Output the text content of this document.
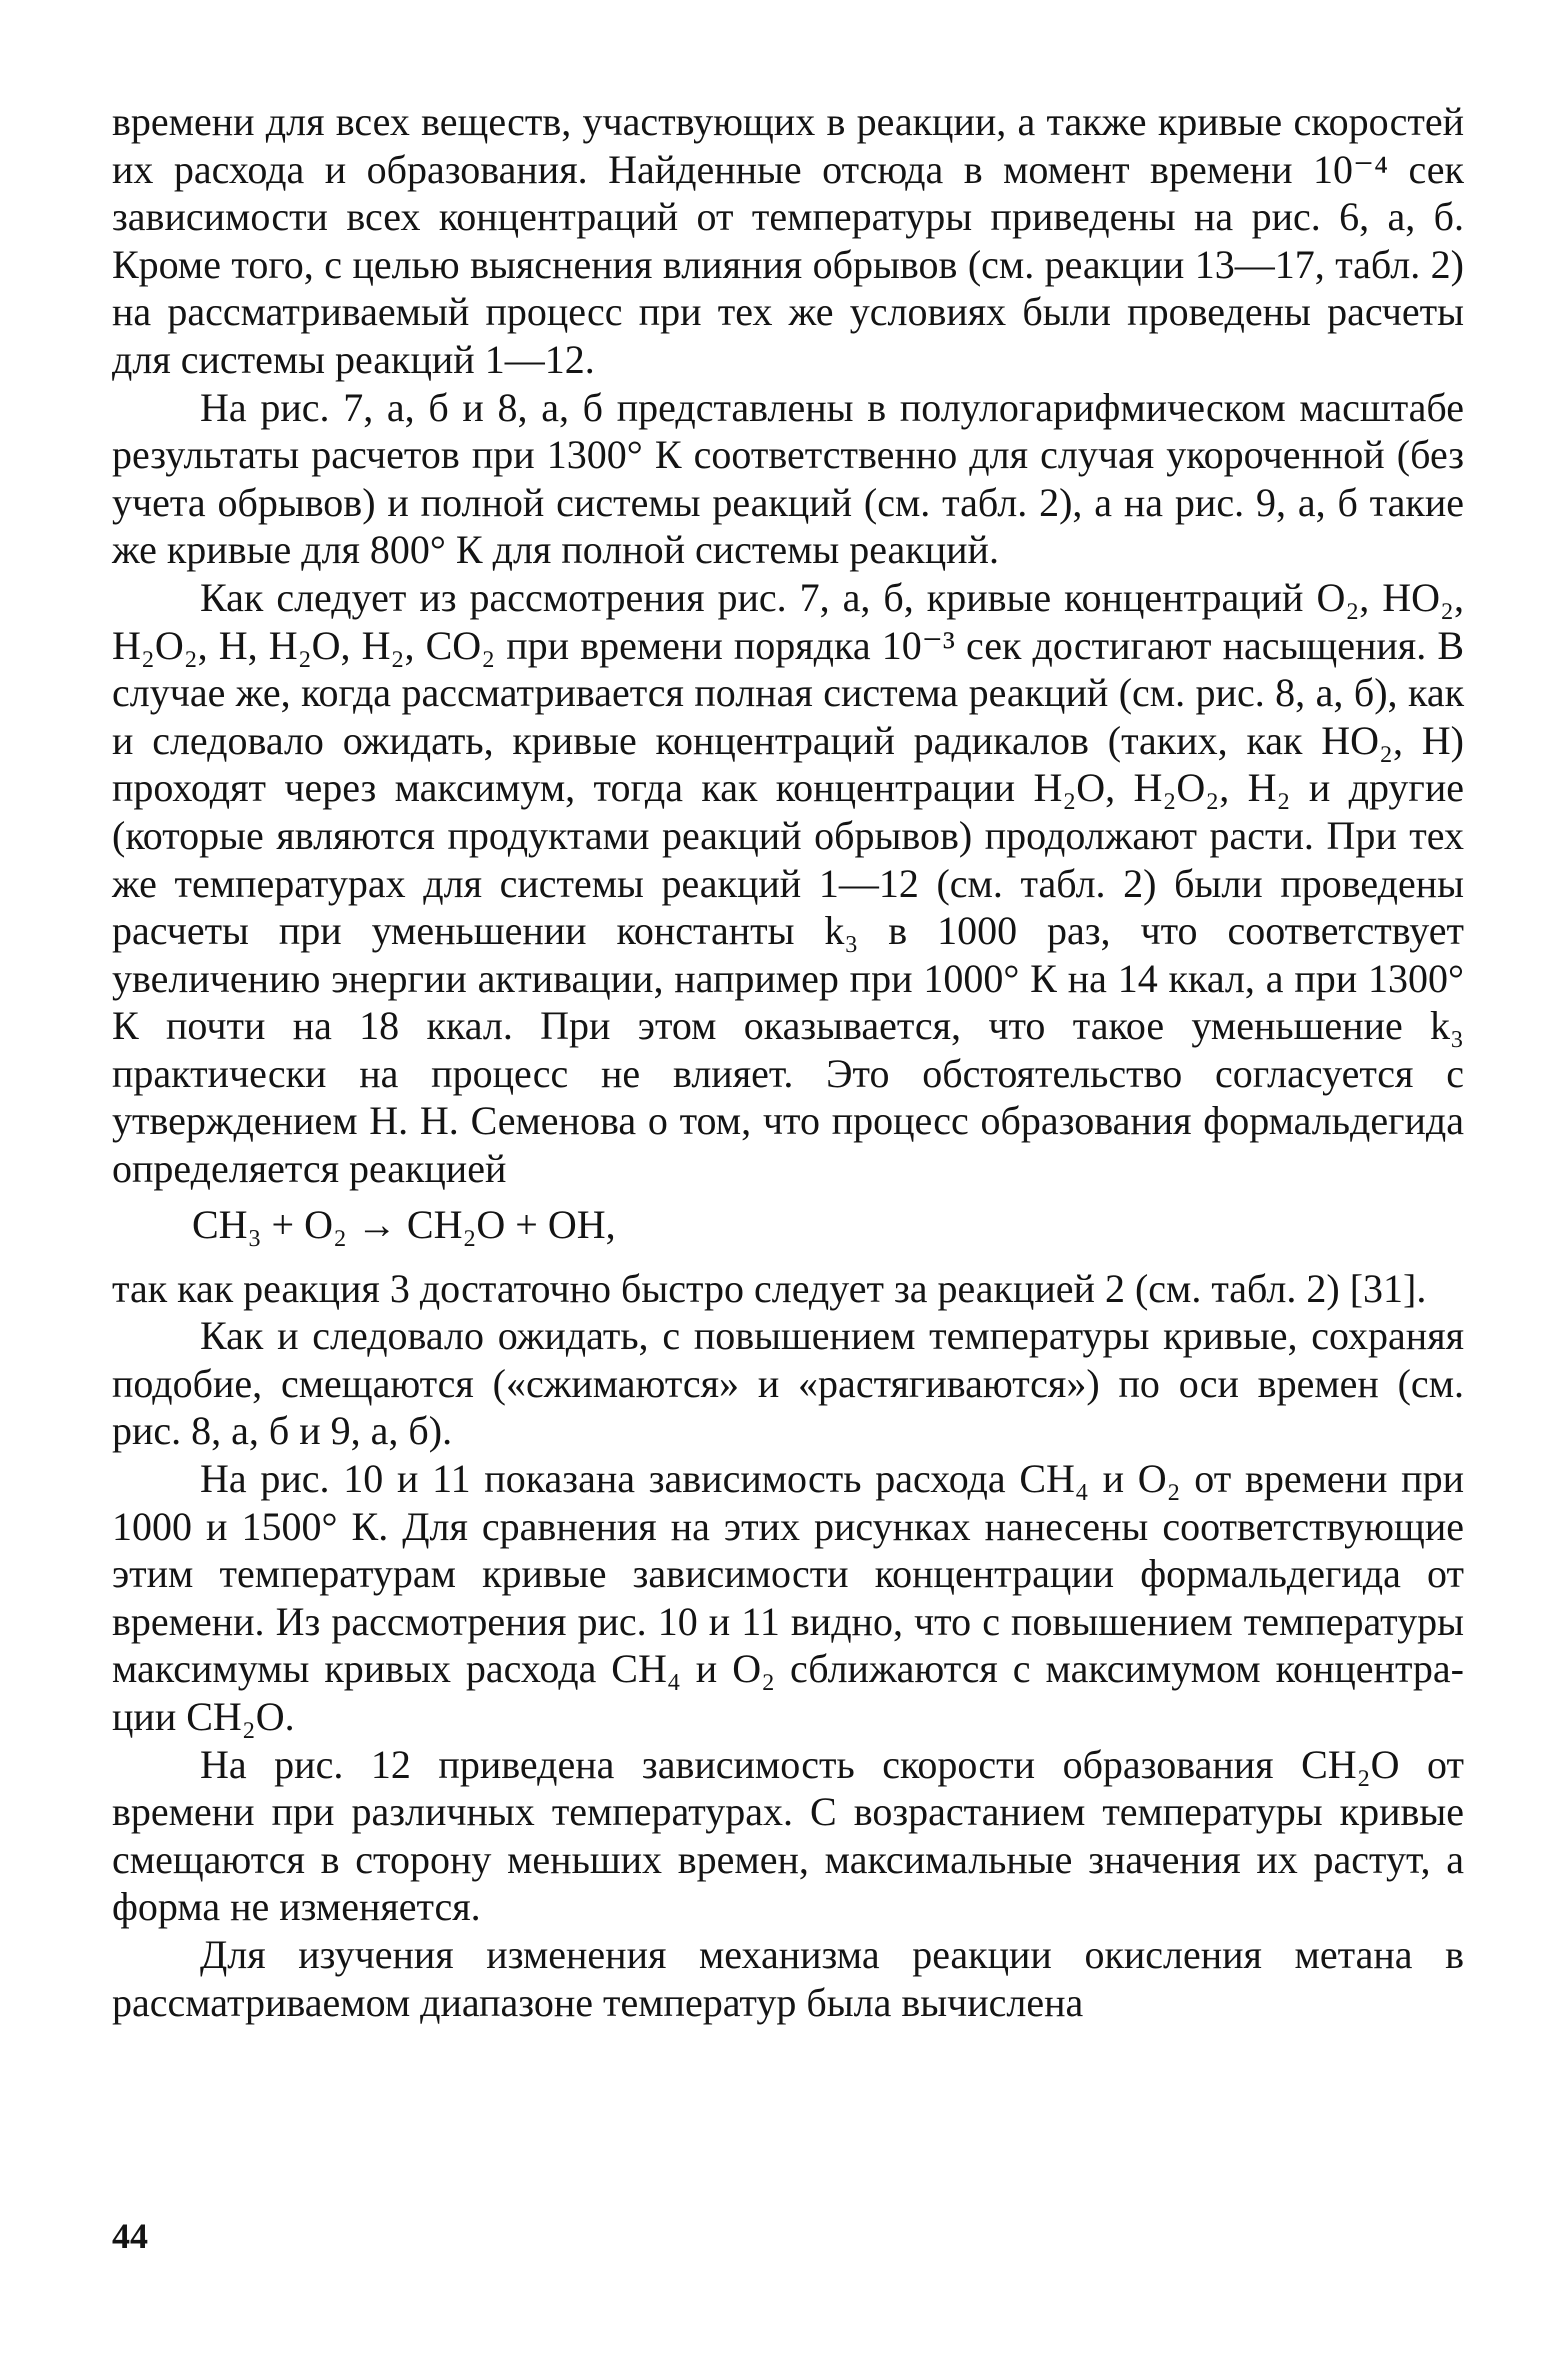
времени для всех веществ, участвующих в реакции, а также кривые скоростей их расхода и образования. Найденные отсюда в момент времени 10⁻⁴ сек зависимости всех концентраций от температуры приведены на рис. 6, а, б. Кроме того, с целью выяснения влияния обрывов (см. реакции 13—17, табл. 2) на рассматриваемый процесс при тех же условиях были проведены расчеты для системы реакций 1—12.

На рис. 7, а, б и 8, а, б представлены в полулогарифмическом масштабе результаты расчетов при 1300° К соответственно для случая укороченной (без учета обрывов) и полной системы реакций (см. табл. 2), а на рис. 9, а, б такие же кривые для 800° К для полной системы реакций.

Как следует из рассмотрения рис. 7, а, б, кривые концентраций O₂, HO₂, H₂O₂, H, H₂O, H₂, CO₂ при времени порядка 10⁻³ сек достигают насыщения. В случае же, когда рассматривается полная система реакций (см. рис. 8, а, б), как и следовало ожидать, кривые концентраций радикалов (таких, как HO₂, H) проходят через максимум, тогда как концентрации H₂O, H₂O₂, H₂ и другие (которые являются продуктами реакций обрывов) продолжают расти. При тех же температурах для системы реакций 1—12 (см. табл. 2) были проведены расчеты при уменьшении константы k₃ в 1000 раз, что соответствует увеличению энергии активации, например при 1000° К на 14 ккал, а при 1300° К почти на 18 ккал. При этом оказывается, что такое уменьшение k₃ практически на процесс не влияет. Это обстоятельство согласуется с утверждением Н. Н. Семенова о том, что процесс образования формальдегида определяется реакцией

CH₃ + O₂ → CH₂O + OH,

так как реакция 3 достаточно быстро следует за реакцией 2 (см. табл. 2) [31].

Как и следовало ожидать, с повышением температуры кривые, сохраняя подобие, смещаются («сжимаются» и «растягиваются») по оси времен (см. рис. 8, а, б и 9, а, б).

На рис. 10 и 11 показана зависимость расхода CH₄ и O₂ от времени при 1000 и 1500° К. Для сравнения на этих рисунках нанесены соответствующие этим температурам кривые зависимости концентрации формальдегида от времени. Из рассмотрения рис. 10 и 11 видно, что с повышением температуры максимумы кривых расхода CH₄ и O₂ сближаются с максимумом концентрации CH₂O.

На рис. 12 приведена зависимость скорости образования CH₂O от времени при различных температурах. С возрастанием температуры кривые смещаются в сторону меньших времен, максимальные значения их растут, а форма не изменяется.

Для изучения изменения механизма реакции окисления метана в рассматриваемом диапазоне температур была вычислена

44
